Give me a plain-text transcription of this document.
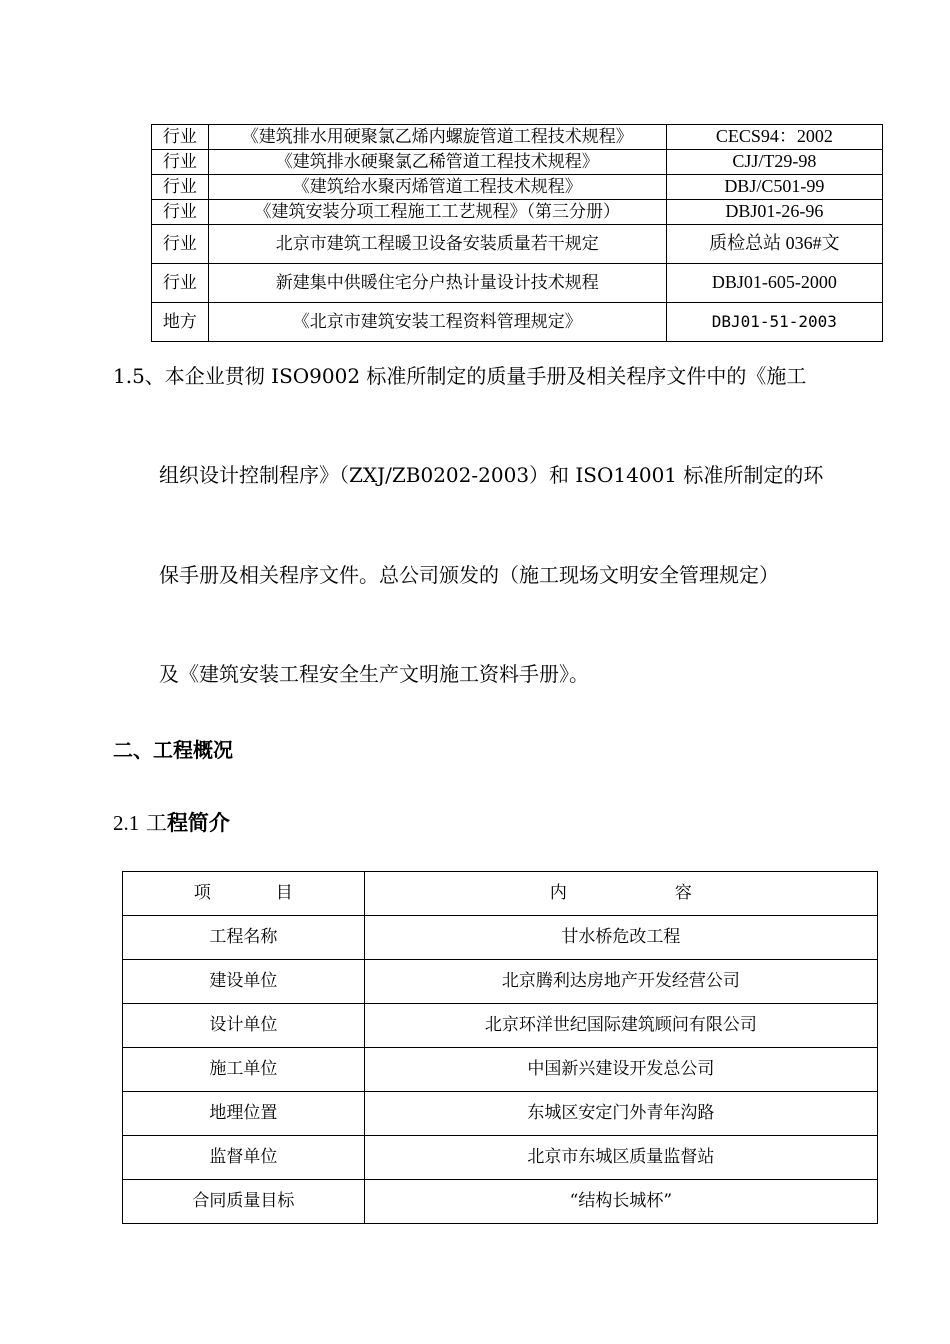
行业	《建筑排水用硬聚氯乙烯内螺旋管道工程技术规程》	CECS94：2002
行业	《建筑排水硬聚氯乙稀管道工程技术规程》	CJJ/T29-98
行业	《建筑给水聚丙烯管道工程技术规程》	DBJ/C501-99
行业	《建筑安装分项工程施工工艺规程》（第三分册）	DBJ01-26-96
行业	北京市建筑工程暖卫设备安装质量若干规定	质检总站 036#文
行业	新建集中供暖住宅分户热计量设计技术规程	DBJ01-605-2000
地方	《北京市建筑安装工程资料管理规定》	DBJ01-51-2003
1.5、本企业贯彻 ISO9002 标准所制定的质量手册及相关程序文件中的《施工
组织设计控制程序》（ZXJ/ZB0202-2003）和 ISO14001 标准所制定的环
保手册及相关程序文件。总公司颁发的（施工现场文明安全管理规定）
及《建筑安装工程安全生产文明施工资料手册》。
二、工程概况
2.1 工程简介
项            目	内                    容
工程名称	甘水桥危改工程
建设单位	北京腾利达房地产开发经营公司
设计单位	北京环洋世纪国际建筑顾问有限公司
施工单位	中国新兴建设开发总公司
地理位置	东城区安定门外青年沟路
监督单位	北京市东城区质量监督站
合同质量目标	“结构长城杯”
